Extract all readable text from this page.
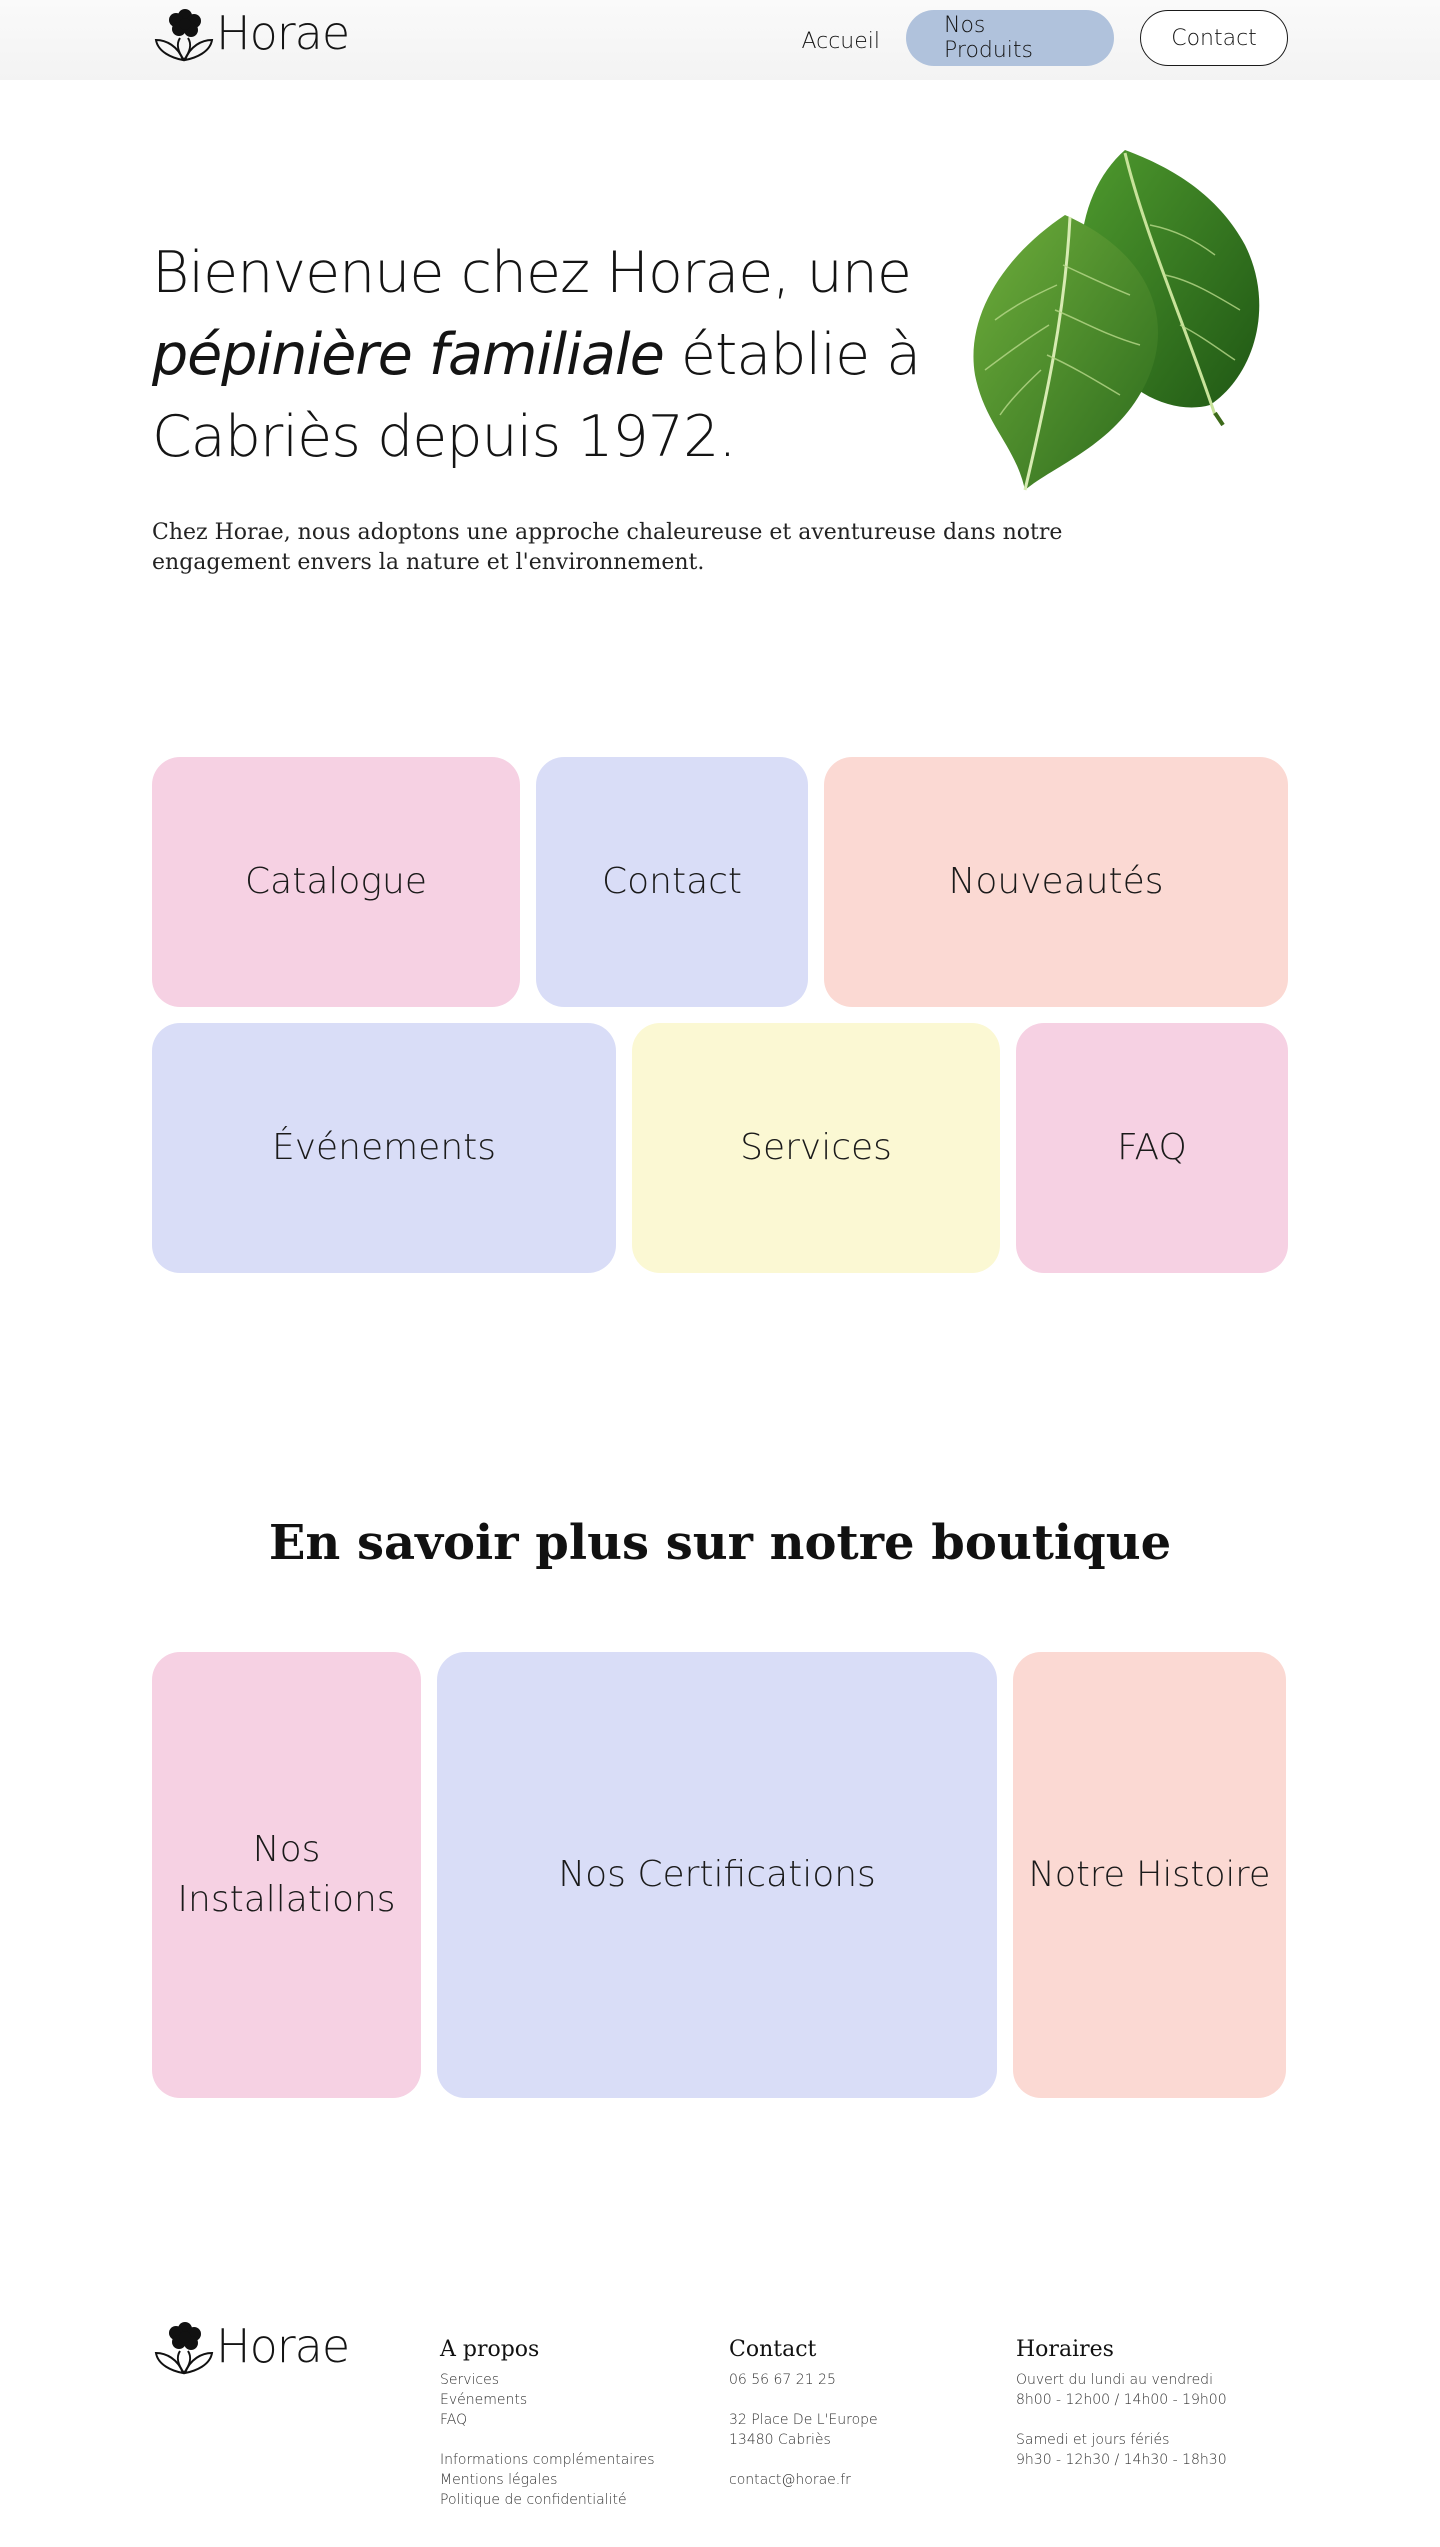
Horae	Accueil
Nos Produits	Contact
Bienvenue chez Horae, une pépinière familiale établie à Cabriès depuis 1972.

Chez Horae, nous adoptons une approche chaleureuse et aventureuse dans notre engagement envers la nature et l'environnement.

Catalogue	Contact	Nouveautés
Événements	Services	FAQ
En savoir plus sur notre boutique
Nos Installations
Nos Certifications	Notre Histoire
Horae	A propos

Services

Evénements

FAQ

Informations complémentaires

Mentions légales

Politique de confidentialité

Contact

06 56 67 21 25

32 Place De L'Europe

13480 Cabriès

contact@horae.fr

Horaires

Ouvert du lundi au vendredi

8h00 - 12h00 / 14h00 - 19h00

Samedi et jours fériés

9h30 - 12h30 / 14h30 - 18h30
